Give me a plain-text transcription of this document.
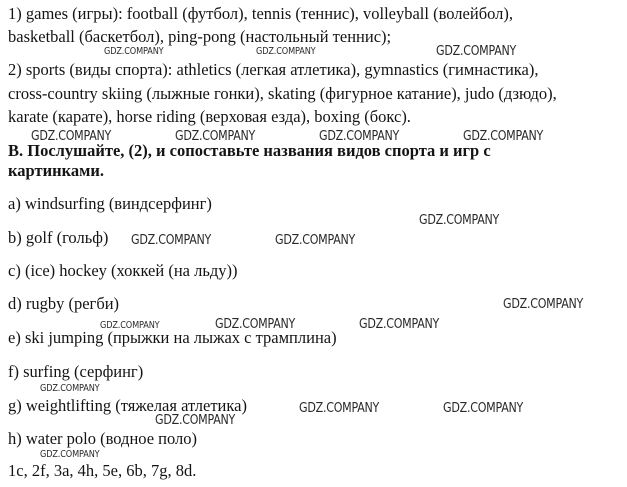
1) games (игры): football (футбол), tennis (теннис), volleyball (волейбол),
basketball (баскетбол), ping-pong (настольный теннис);
2) sports (виды спорта): athletics (легкая атлетика), gymnastics (гимнастика),
cross-country skiing (лыжные гонки), skating (фигурное катание), judo (дзюдо),
karate (карате), horse riding (верховая езда), boxing (бокс).
B. Послушайте, (2), и сопоставьте названия видов спорта и игр с
картинками.
a) windsurfing (виндсерфинг)
b) golf (гольф)
c) (ice) hockey (хоккей (на льду))
d) rugby (регби)
e) ski jumping (прыжки на лыжах с трамплина)
f) surfing (серфинг)
g) weightlifting (тяжелая атлетика)
h) water polo (водное поло)
1c, 2f, 3a, 4h, 5e, 6b, 7g, 8d.
GDZ.COMPANY	GDZ.COMPANY	GDZ.COMPANY
GDZ.COMPANY	GDZ.COMPANY	GDZ.COMPANY	GDZ.COMPANY
GDZ.COMPANY
GDZ.COMPANY	GDZ.COMPANY
GDZ.COMPANY
GDZ.COMPANY	GDZ.COMPANY	GDZ.COMPANY
GDZ.COMPANY
GDZ.COMPANY	GDZ.COMPANY
GDZ.COMPANY
GDZ.COMPANY
